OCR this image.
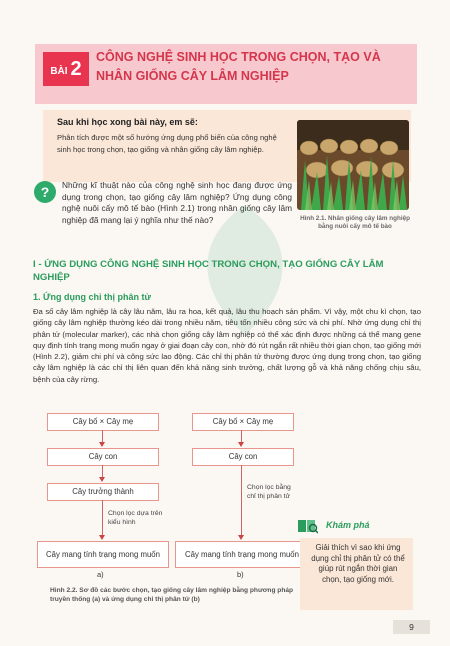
BÀI 2
CÔNG NGHỆ SINH HỌC TRONG CHỌN, TẠO VÀ NHÂN GIỐNG CÂY LÂM NGHIỆP
Sau khi học xong bài này, em sẽ:
Phân tích được một số hướng ứng dụng phổ biến của công nghệ sinh học trong chọn, tạo giống và nhân giống cây lâm nghiệp.
Hình 2.1. Nhân giống cây lâm nghiệp bằng nuôi cấy mô tế bào
?	Những kĩ thuật nào của công nghệ sinh học đang được ứng dụng trong chọn, tạo giống cây lâm nghiệp? Ứng dụng công nghệ nuôi cấy mô tế bào (Hình 2.1) trong nhân giống cây lâm nghiệp đã mang lại ý nghĩa như thế nào?
I - ỨNG DỤNG CÔNG NGHỆ SINH HỌC TRONG CHỌN, TẠO GIỐNG CÂY LÂM NGHIỆP
1. Ứng dụng chỉ thị phân tử
Đa số cây lâm nghiệp là cây lâu năm, lâu ra hoa, kết quả, lâu thu hoạch sản phẩm. Vì vậy, một chu kì chọn, tạo giống cây lâm nghiệp thường kéo dài trong nhiều năm, tiêu tốn nhiều công sức và chi phí. Nhờ ứng dụng chỉ thị phân tử (molecular marker), các nhà chọn giống cây lâm nghiệp có thể xác định được những cá thể mang gene quy định tính trạng mong muốn ngay ở giai đoạn cây con, nhờ đó rút ngắn rất nhiều thời gian chọn, tạo giống mới (Hình 2.2), giảm chi phí và công sức lao động. Các chỉ thị phân tử thường được ứng dụng trong chọn, tạo giống cây lâm nghiệp là các chỉ thị liên quan đến khả năng sinh trưởng, chất lượng gỗ và khả năng chống chịu sâu, bệnh của cây rừng.
Cây bố × Cây mẹ
Cây con
Cây trưởng thành
Chọn lọc dựa trên kiểu hình
Cây mang tính trạng mong muốn
a)
Cây bố × Cây mẹ
Cây con
Chọn lọc bằng chỉ thị phân tử
Cây mang tính trạng mong muốn
b)
Hình 2.2. Sơ đồ các bước chọn, tạo giống cây lâm nghiệp bằng phương pháp truyền thống (a) và ứng dụng chỉ thị phân tử (b)
Khám phá
Giải thích vì sao khi ứng dụng chỉ thị phân tử có thể giúp rút ngắn thời gian chọn, tạo giống mới.
9
